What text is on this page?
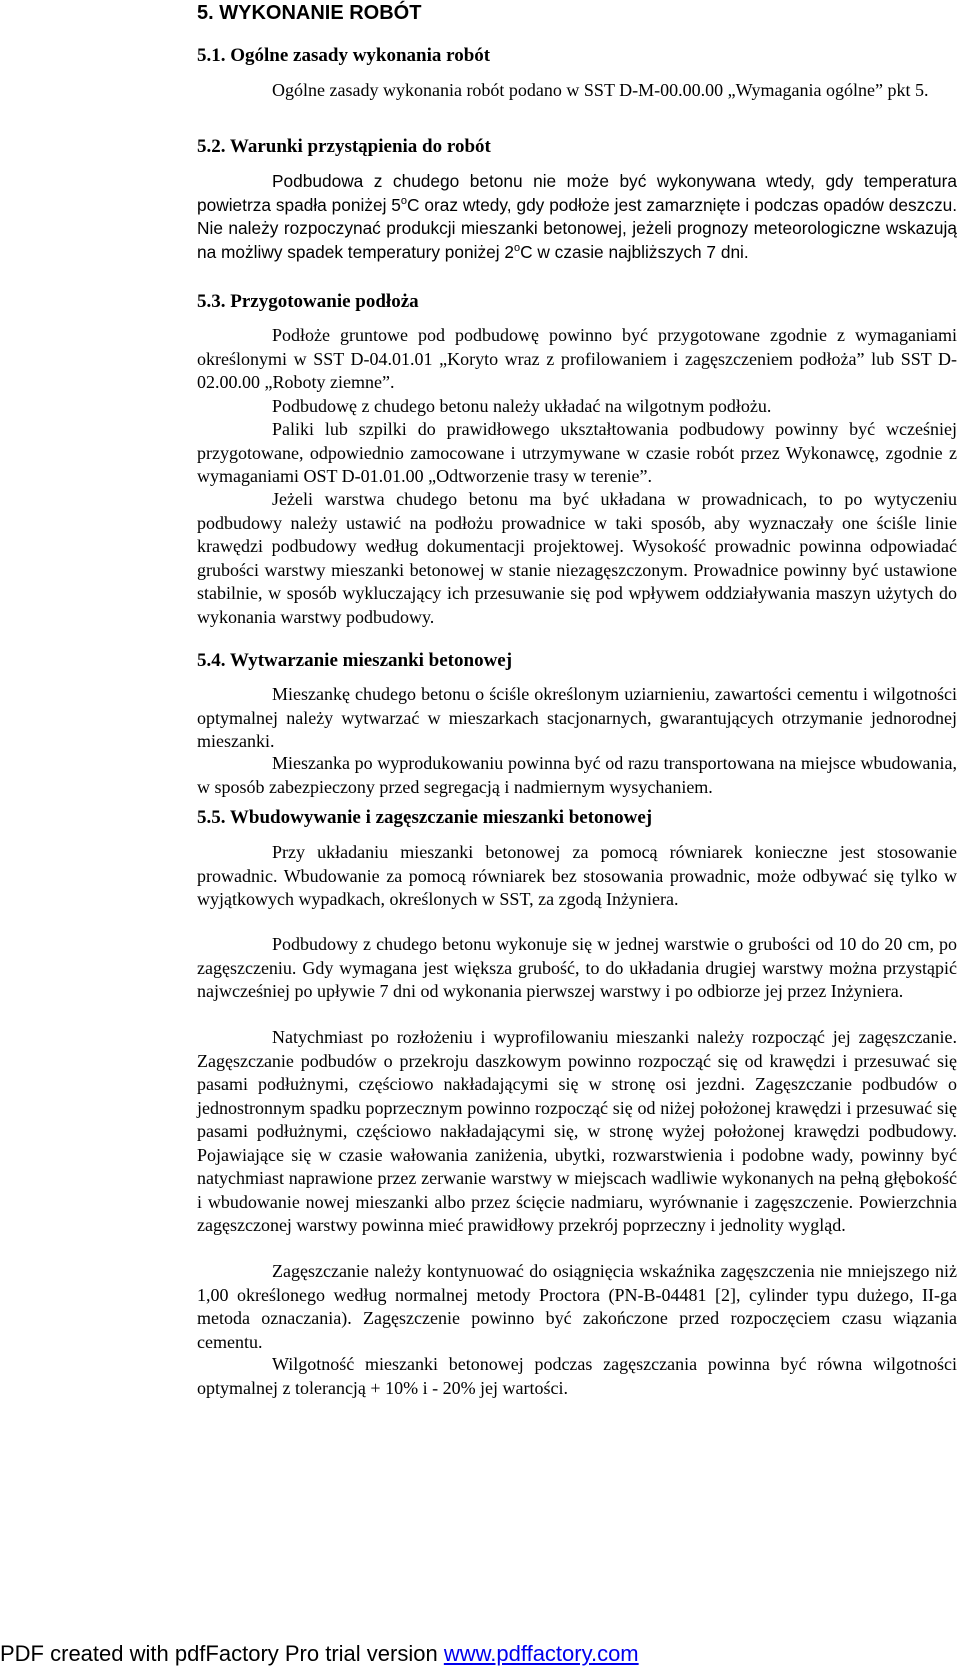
5. WYKONANIE ROBÓT
5.1. Ogólne zasady wykonania robót

Ogólne zasady wykonania robót podano w SST D-M-00.00.00 „Wymagania ogólne” pkt 5.

5.2. Warunki przystąpienia do robót

Podbudowa z chudego betonu nie może być wykonywana wtedy, gdy temperatura powietrza spadła poniżej 5$^o$C oraz wtedy, gdy podłoże jest zamarznięte i podczas opadów deszczu. Nie należy rozpoczynać produkcji mieszanki betonowej, jeżeli prognozy meteorologiczne wskazują na możliwy spadek temperatury poniżej 2$^o$C w czasie najbliższych 7 dni.

5.3. Przygotowanie podłoża

Podłoże gruntowe pod podbudowę powinno być przygotowane zgodnie z wymaganiami określonymi w SST D-04.01.01 „Koryto wraz z profilowaniem i zagęszczeniem podłoża” lub SST D-02.00.00 „Roboty ziemne”.

Podbudowę z chudego betonu należy układać na wilgotnym podłożu.

Paliki lub szpilki do prawidłowego ukształtowania podbudowy powinny być wcześniej przygotowane, odpowiednio zamocowane i utrzymywane w czasie robót przez Wykonawcę, zgodnie z wymaganiami OST D-01.01.00 „Odtworzenie trasy w terenie”.

Jeżeli warstwa chudego betonu ma być układana w prowadnicach, to po wytyczeniu podbudowy należy ustawić na podłożu prowadnice w taki sposób, aby wyznaczały one ściśle linie krawędzi podbudowy według dokumentacji projektowej. Wysokość prowadnic powinna odpowiadać grubości warstwy mieszanki betonowej w stanie niezagęszczonym. Prowadnice powinny być ustawione stabilnie, w sposób wykluczający ich przesuwanie się pod wpływem oddziaływania maszyn użytych do wykonania warstwy podbudowy.

5.4. Wytwarzanie mieszanki betonowej

Mieszankę chudego betonu o ściśle określonym uziarnieniu, zawartości cementu i wilgotności optymalnej należy wytwarzać w mieszarkach stacjonarnych, gwarantujących otrzymanie jednorodnej mieszanki.

Mieszanka po wyprodukowaniu powinna być od razu transportowana na miejsce wbudowania, w sposób zabezpieczony przed segregacją i nadmiernym wysychaniem.

5.5. Wbudowywanie i zagęszczanie mieszanki betonowej

Przy układaniu mieszanki betonowej za pomocą równiarek konieczne jest stosowanie prowadnic. Wbudowanie za pomocą równiarek bez stosowania prowadnic, może odbywać się tylko w wyjątkowych wypadkach, określonych w SST, za zgodą Inżyniera.

Podbudowy z chudego betonu wykonuje się w jednej warstwie o grubości od 10 do 20 cm, po zagęszczeniu. Gdy wymagana jest większa grubość, to do układania drugiej warstwy można przystąpić najwcześniej po upływie 7 dni od wykonania pierwszej warstwy i po odbiorze jej przez Inżyniera.

Natychmiast po rozłożeniu i wyprofilowaniu mieszanki należy rozpocząć jej zagęszczanie. Zagęszczanie podbudów o przekroju daszkowym powinno rozpocząć się od krawędzi i przesuwać się pasami podłużnymi, częściowo nakładającymi się w stronę osi jezdni. Zagęszczanie podbudów o jednostronnym spadku poprzecznym powinno rozpocząć się od niżej położonej krawędzi i przesuwać się pasami podłużnymi, częściowo nakładającymi się, w stronę wyżej położonej krawędzi podbudowy. Pojawiające się w czasie wałowania zaniżenia, ubytki, rozwarstwienia i podobne wady, powinny być natychmiast naprawione przez zerwanie warstwy w miejscach wadliwie wykonanych na pełną głębokość i wbudowanie nowej mieszanki albo przez ścięcie nadmiaru, wyrównanie i zagęszczenie. Powierzchnia zagęszczonej warstwy powinna mieć prawidłowy przekrój poprzeczny i jednolity wygląd.

Zagęszczanie należy kontynuować do osiągnięcia wskaźnika zagęszczenia nie mniejszego niż 1,00 określonego według normalnej metody Proctora (PN-B-04481 [2], cylinder typu dużego, II-ga metoda oznaczania). Zagęszczenie powinno być zakończone przed rozpoczęciem czasu wiązania cementu.

Wilgotność mieszanki betonowej podczas zagęszczania powinna być równa wilgotności optymalnej z tolerancją + 10% i - 20% jej wartości.

PDF created with pdfFactory Pro trial version www.pdffactory.com
